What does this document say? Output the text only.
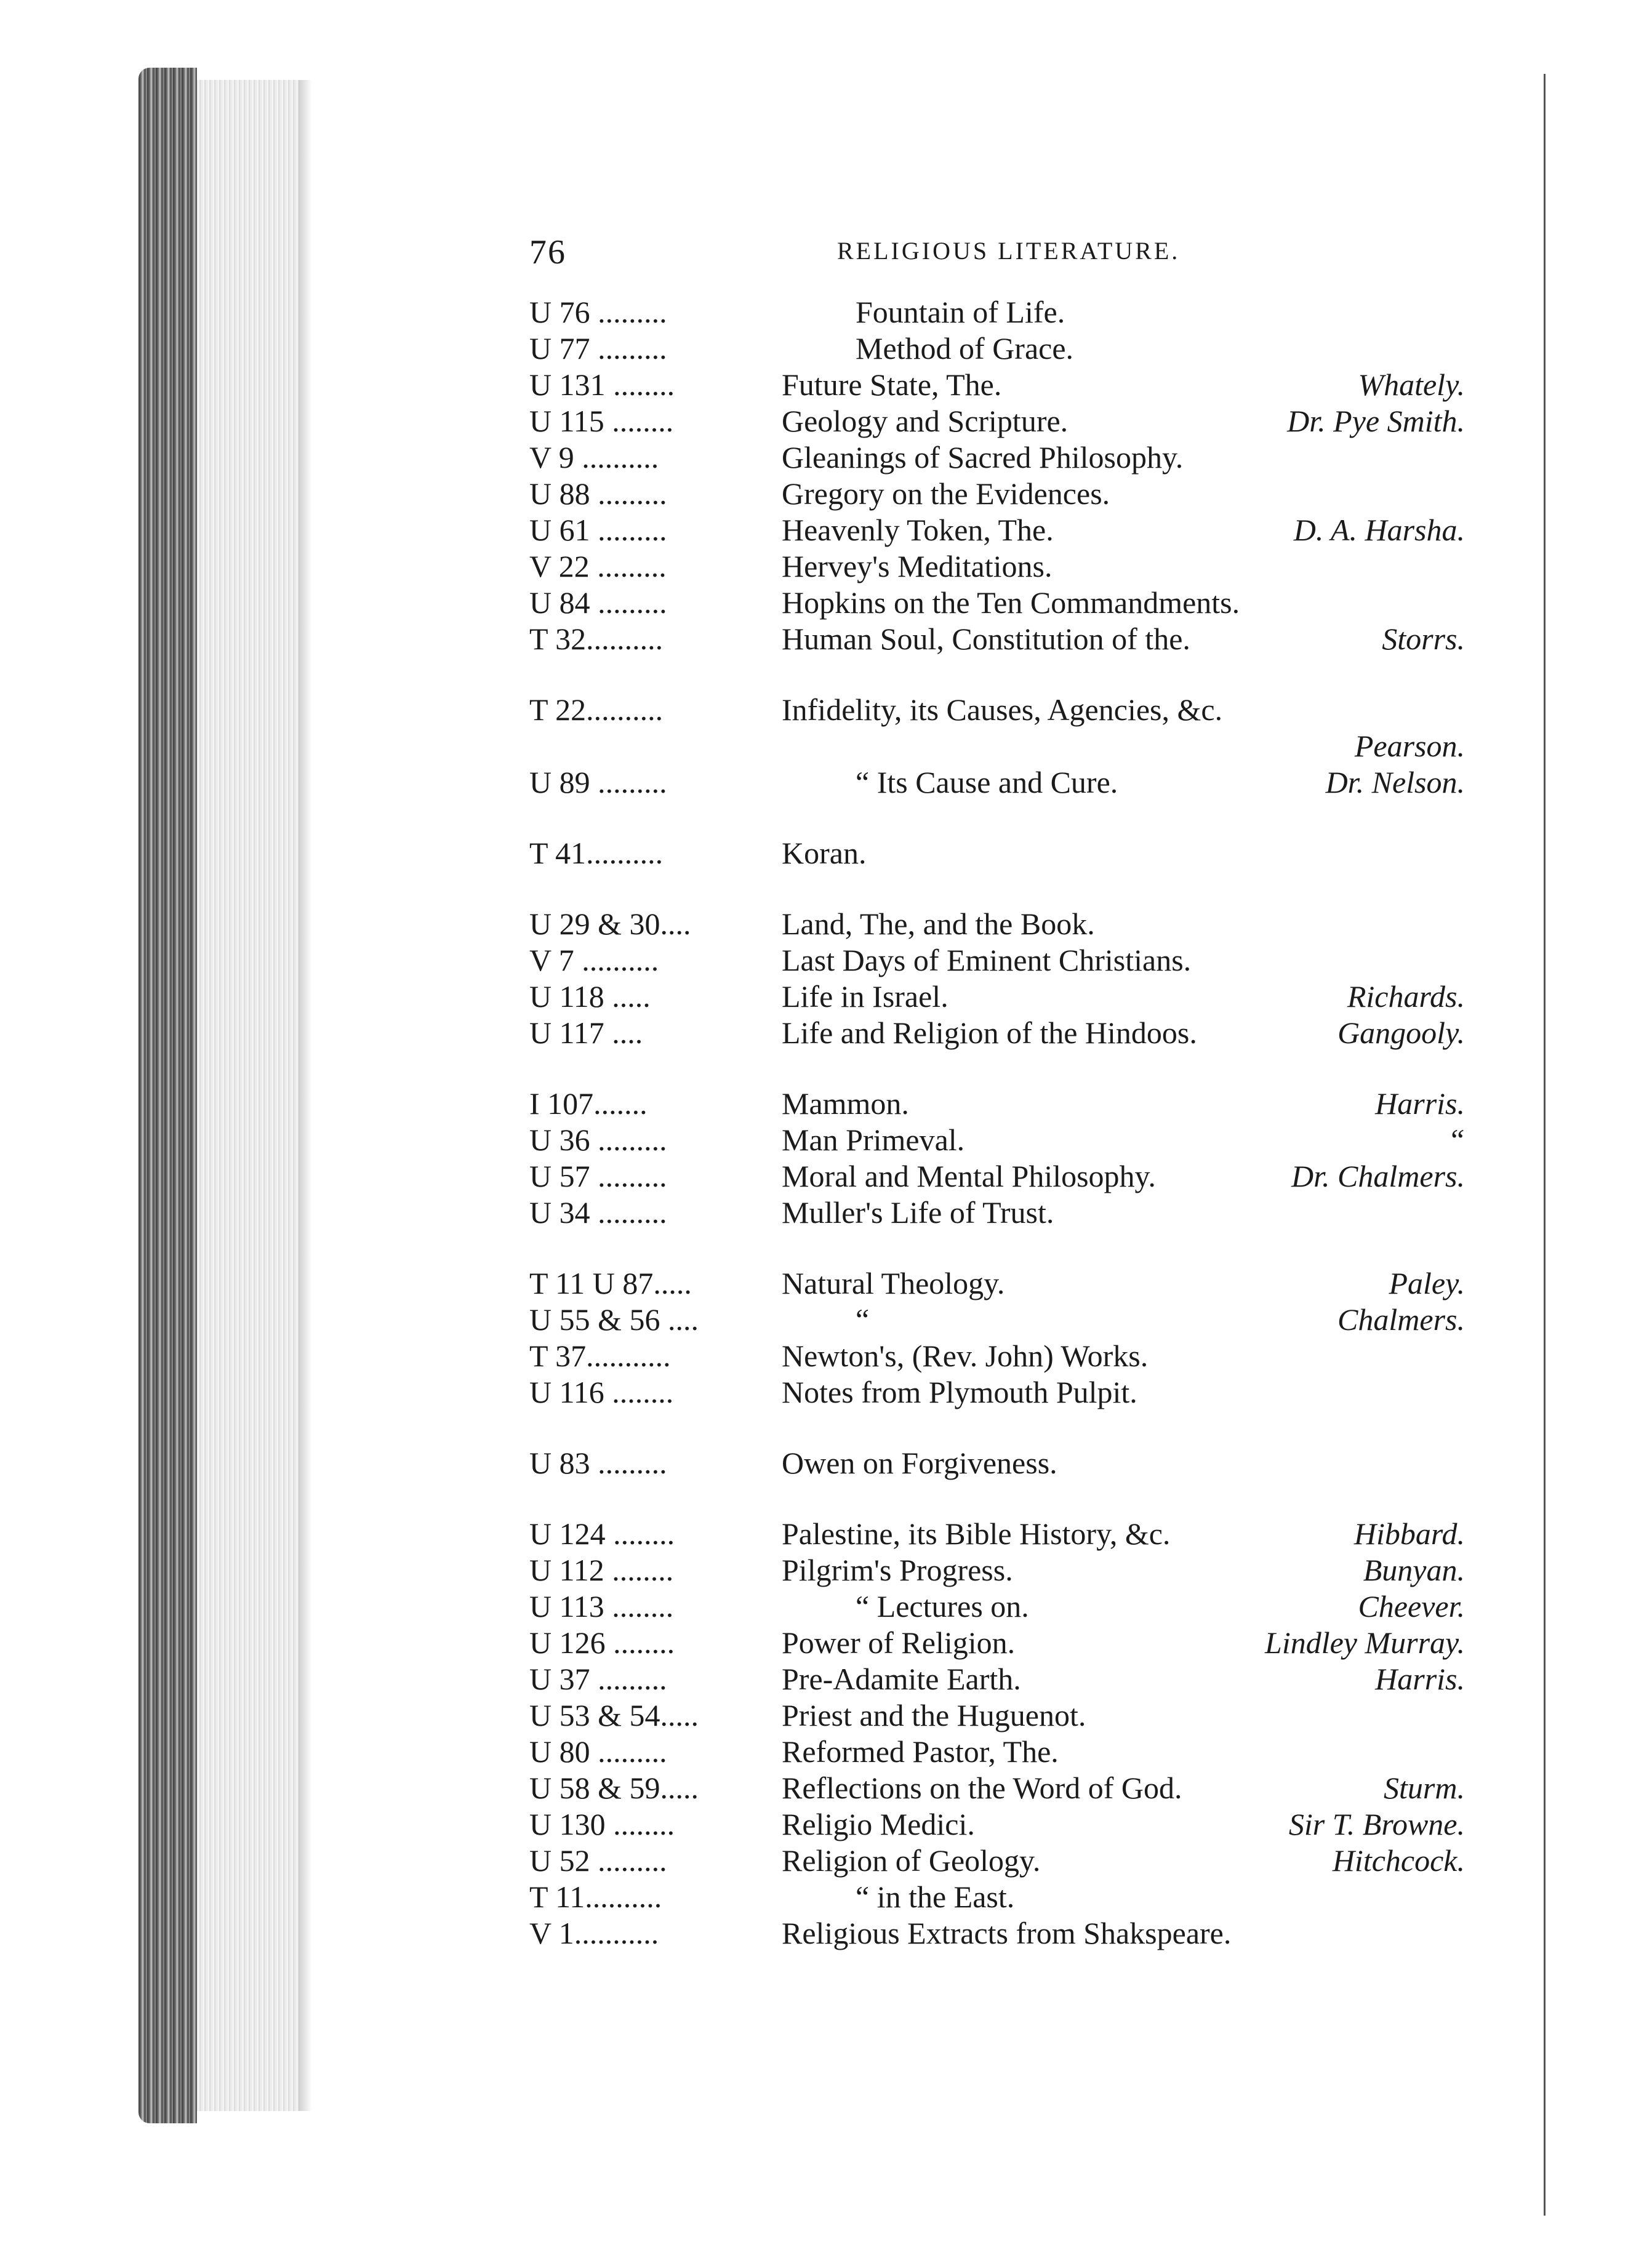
76	RELIGIOUS LITERATURE.
U 76 .........	Fountain of Life.
U 77 .........	Method of Grace.
U 131 ........	Future State, The.	Whately.
U 115 ........	Geology and Scripture.	Dr. Pye Smith.
V 9 ..........	Gleanings of Sacred Philosophy.
U 88 .........	Gregory on the Evidences.
U 61 .........	Heavenly Token, The.	D. A. Harsha.
V 22 .........	Hervey's Meditations.
U 84 .........	Hopkins on the Ten Commandments.
T 32..........	Human Soul, Constitution of the.	Storrs.
T 22..........	Infidelity, its Causes, Agencies, &c.
Pearson.
U 89 .........	“ Its Cause and Cure.	Dr. Nelson.
T 41..........	Koran.
U 29 & 30....	Land, The, and the Book.
V 7 ..........	Last Days of Eminent Christians.
U 118 .....	Life in Israel.	Richards.
U 117 ....	Life and Religion of the Hindoos.	Gangooly.
I 107.......	Mammon.	Harris.
U 36 .........	Man Primeval.	“
U 57 .........	Moral and Mental Philosophy.	Dr. Chalmers.
U 34 .........	Muller's Life of Trust.
T 11 U 87.....	Natural Theology.	Paley.
U 55 & 56 ....	“	Chalmers.
T 37...........	Newton's, (Rev. John) Works.
U 116 ........	Notes from Plymouth Pulpit.
U 83 .........	Owen on Forgiveness.
U 124 ........	Palestine, its Bible History, &c.	Hibbard.
U 112 ........	Pilgrim's Progress.	Bunyan.
U 113 ........	“ Lectures on.	Cheever.
U 126 ........	Power of Religion.	Lindley Murray.
U 37 .........	Pre-Adamite Earth.	Harris.
U 53 & 54.....	Priest and the Huguenot.
U 80 .........	Reformed Pastor, The.
U 58 & 59.....	Reflections on the Word of God.	Sturm.
U 130 ........	Religio Medici.	Sir T. Browne.
U 52 .........	Religion of Geology.	Hitchcock.
T 11..........	“ in the East.
V 1...........	Religious Extracts from Shakspeare.
